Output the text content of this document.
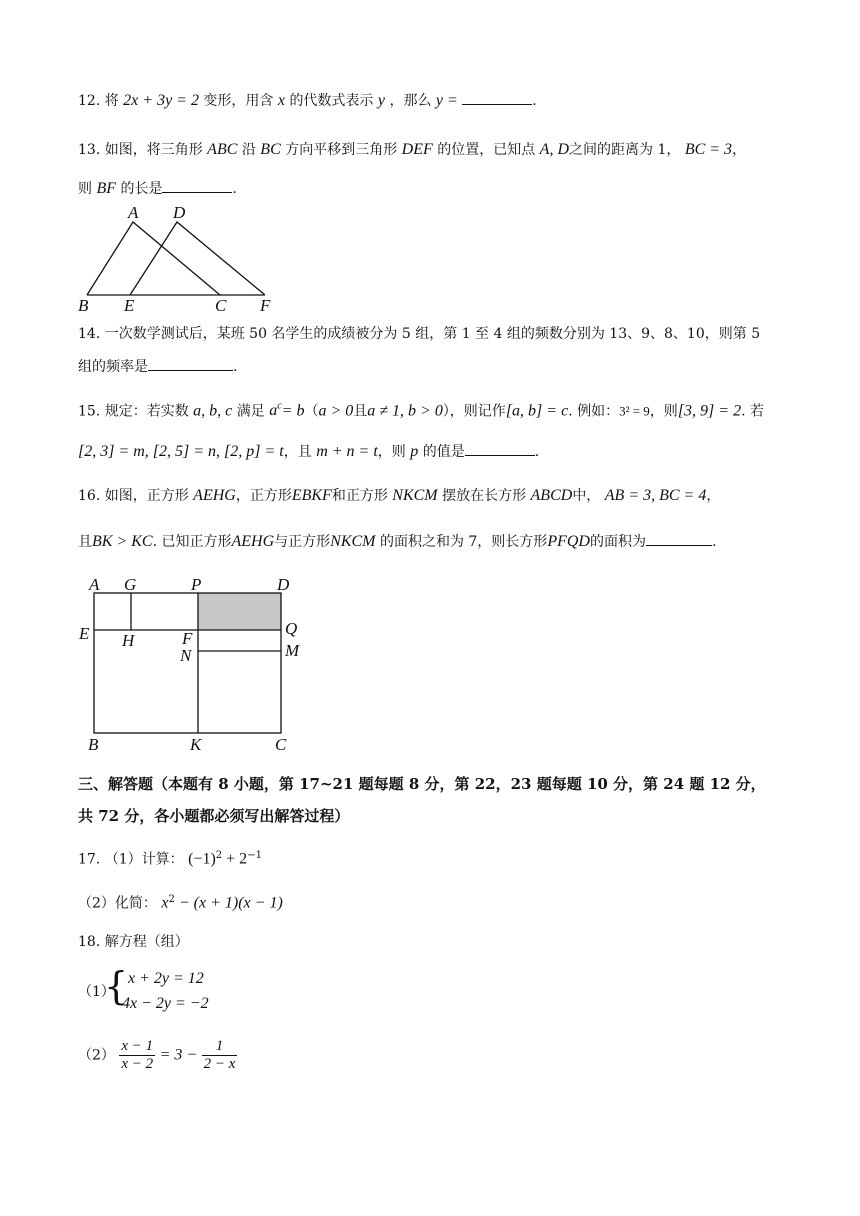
12. 将 2x + 3y = 2 变形，用含 x 的代数式表示 y ，那么 y =	.
13. 如图，将三角形 ABC 沿 BC 方向平移到三角形 DEF 的位置，已知点 A, D之间的距离为 1， BC = 3，
则 BF 的长是	.
A D
B E	C F
14. 一次数学测试后，某班 50 名学生的成绩被分为 5 组，第 1 至 4 组的频数分别为 13、9、8、10，则第 5
组的频率是	.
15. 规定：若实数 a, b, c 满足 $a^c= b(a > 0$且a ≠ 1, b > 0），则记作[a, b] = c. 例如：3² = 9，则[3, 9] = 2. 若
[2, 3] = m, [2, 5] = n, [2, p] = t，且 m + n = t，则 p 的值是	.
16. 如图，正方形 AEHG，正方形EBKF和正方形 NKCM 摆放在长方形 ABCD中， AB = 3, BC = 4，
且BK > KC. 已知正方形AEHG与正方形NKCM 的面积之和为 7，则长方形PFQD的面积为	.
A G	P	D
E H	F
Q
N	M
B	K	C
三、解答题（本题有 8 小题，第 17~21 题每题 8 分，第 22，23 题每题 10 分，第 24 题 12 分，
共 72 分，各小题都必须写出解答过程）
17. （1）计算： $(-1)^2 + 2^{-1}$
（2）化简： $x^2 - (x + 1)(x - 1)$
18. 解方程（组）
（1）
{ x + 2y = 12
4x − 2y = −2
$(2) \frac{x - 1}{x - 2} = 3 - \frac{1}{2 - x}$
